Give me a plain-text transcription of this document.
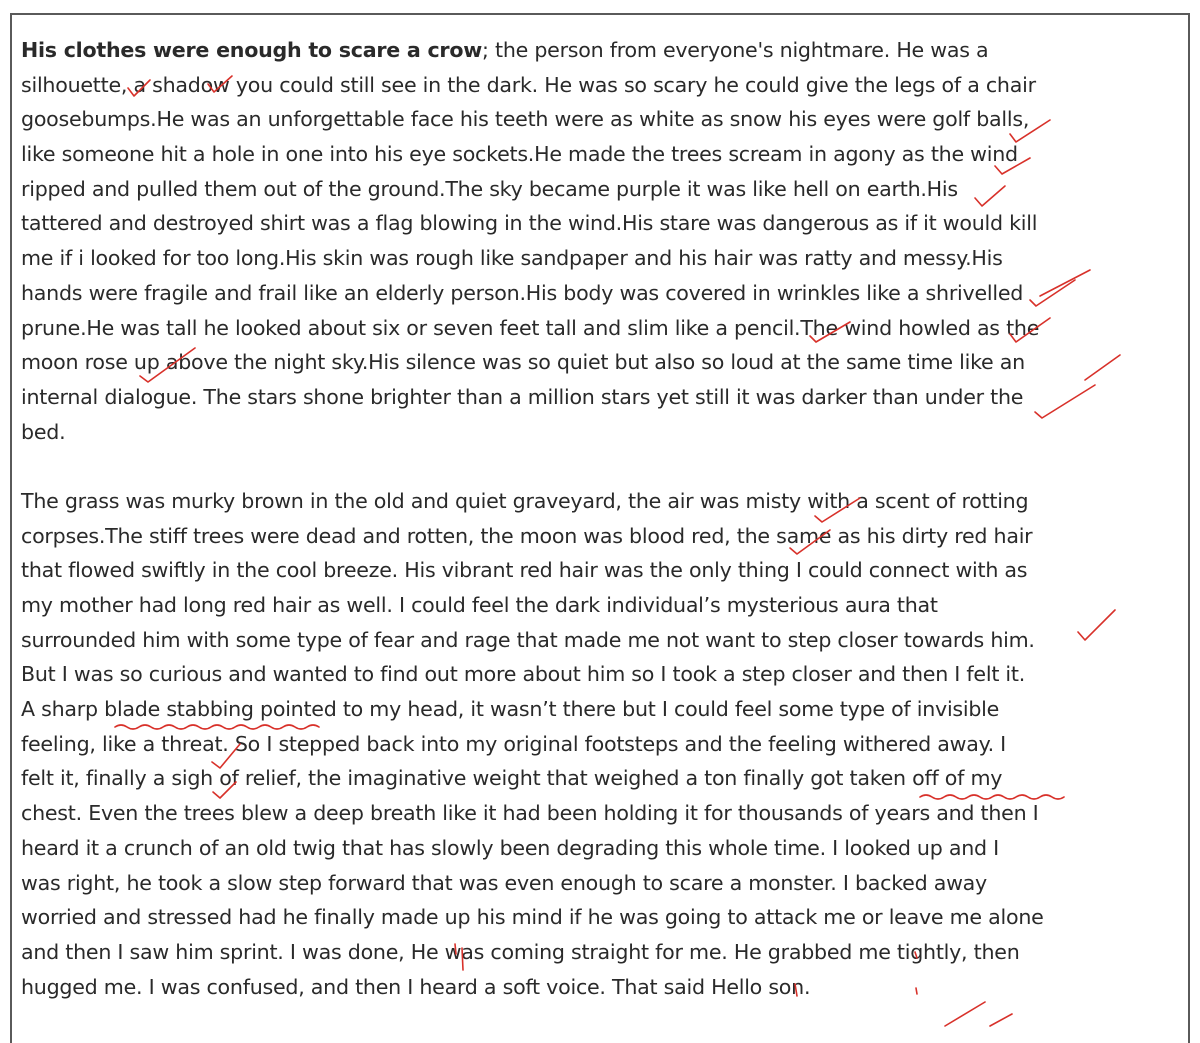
His clothes were enough to scare a crow; the person from everyone's nightmare. He was a
silhouette, a shadow you could still see in the dark. He was so scary he could give the legs of a chair
goosebumps.He was an unforgettable face his teeth were as white as snow his eyes were golf balls,
like someone hit a hole in one into his eye sockets.He made the trees scream in agony as the wind
ripped and pulled them out of the ground.The sky became purple it was like hell on earth.His
tattered and destroyed shirt was a flag blowing in the wind.His stare was dangerous as if it would kill
me if i looked for too long.His skin was rough like sandpaper and his hair was ratty and messy.His
hands were fragile and frail like an elderly person.His body was covered in wrinkles like a shrivelled
prune.He was tall he looked about six or seven feet tall and slim like a pencil.The wind howled as the
moon rose up above the night sky.His silence was so quiet but also so loud at the same time like an
internal dialogue. The stars shone brighter than a million stars yet still it was darker than under the
bed.
The grass was murky brown in the old and quiet graveyard, the air was misty with a scent of rotting
corpses.The stiff trees were dead and rotten, the moon was blood red, the same as his dirty red hair
that flowed swiftly in the cool breeze. His vibrant red hair was the only thing I could connect with as
my mother had long red hair as well. I could feel the dark individual’s mysterious aura that
surrounded him with some type of fear and rage that made me not want to step closer towards him.
But I was so curious and wanted to find out more about him so I took a step closer and then I felt it.
A sharp blade stabbing pointed to my head, it wasn’t there but I could feel some type of invisible
feeling, like a threat. So I stepped back into my original footsteps and the feeling withered away. I
felt it, finally a sigh of relief, the imaginative weight that weighed a ton finally got taken off of my
chest. Even the trees blew a deep breath like it had been holding it for thousands of years and then I
heard it a crunch of an old twig that has slowly been degrading this whole time. I looked up and I
was right, he took a slow step forward that was even enough to scare a monster. I backed away
worried and stressed had he finally made up his mind if he was going to attack me or leave me alone
and then I saw him sprint. I was done, He was coming straight for me. He grabbed me tightly, then
hugged me. I was confused, and then I heard a soft voice. That said Hello son.
